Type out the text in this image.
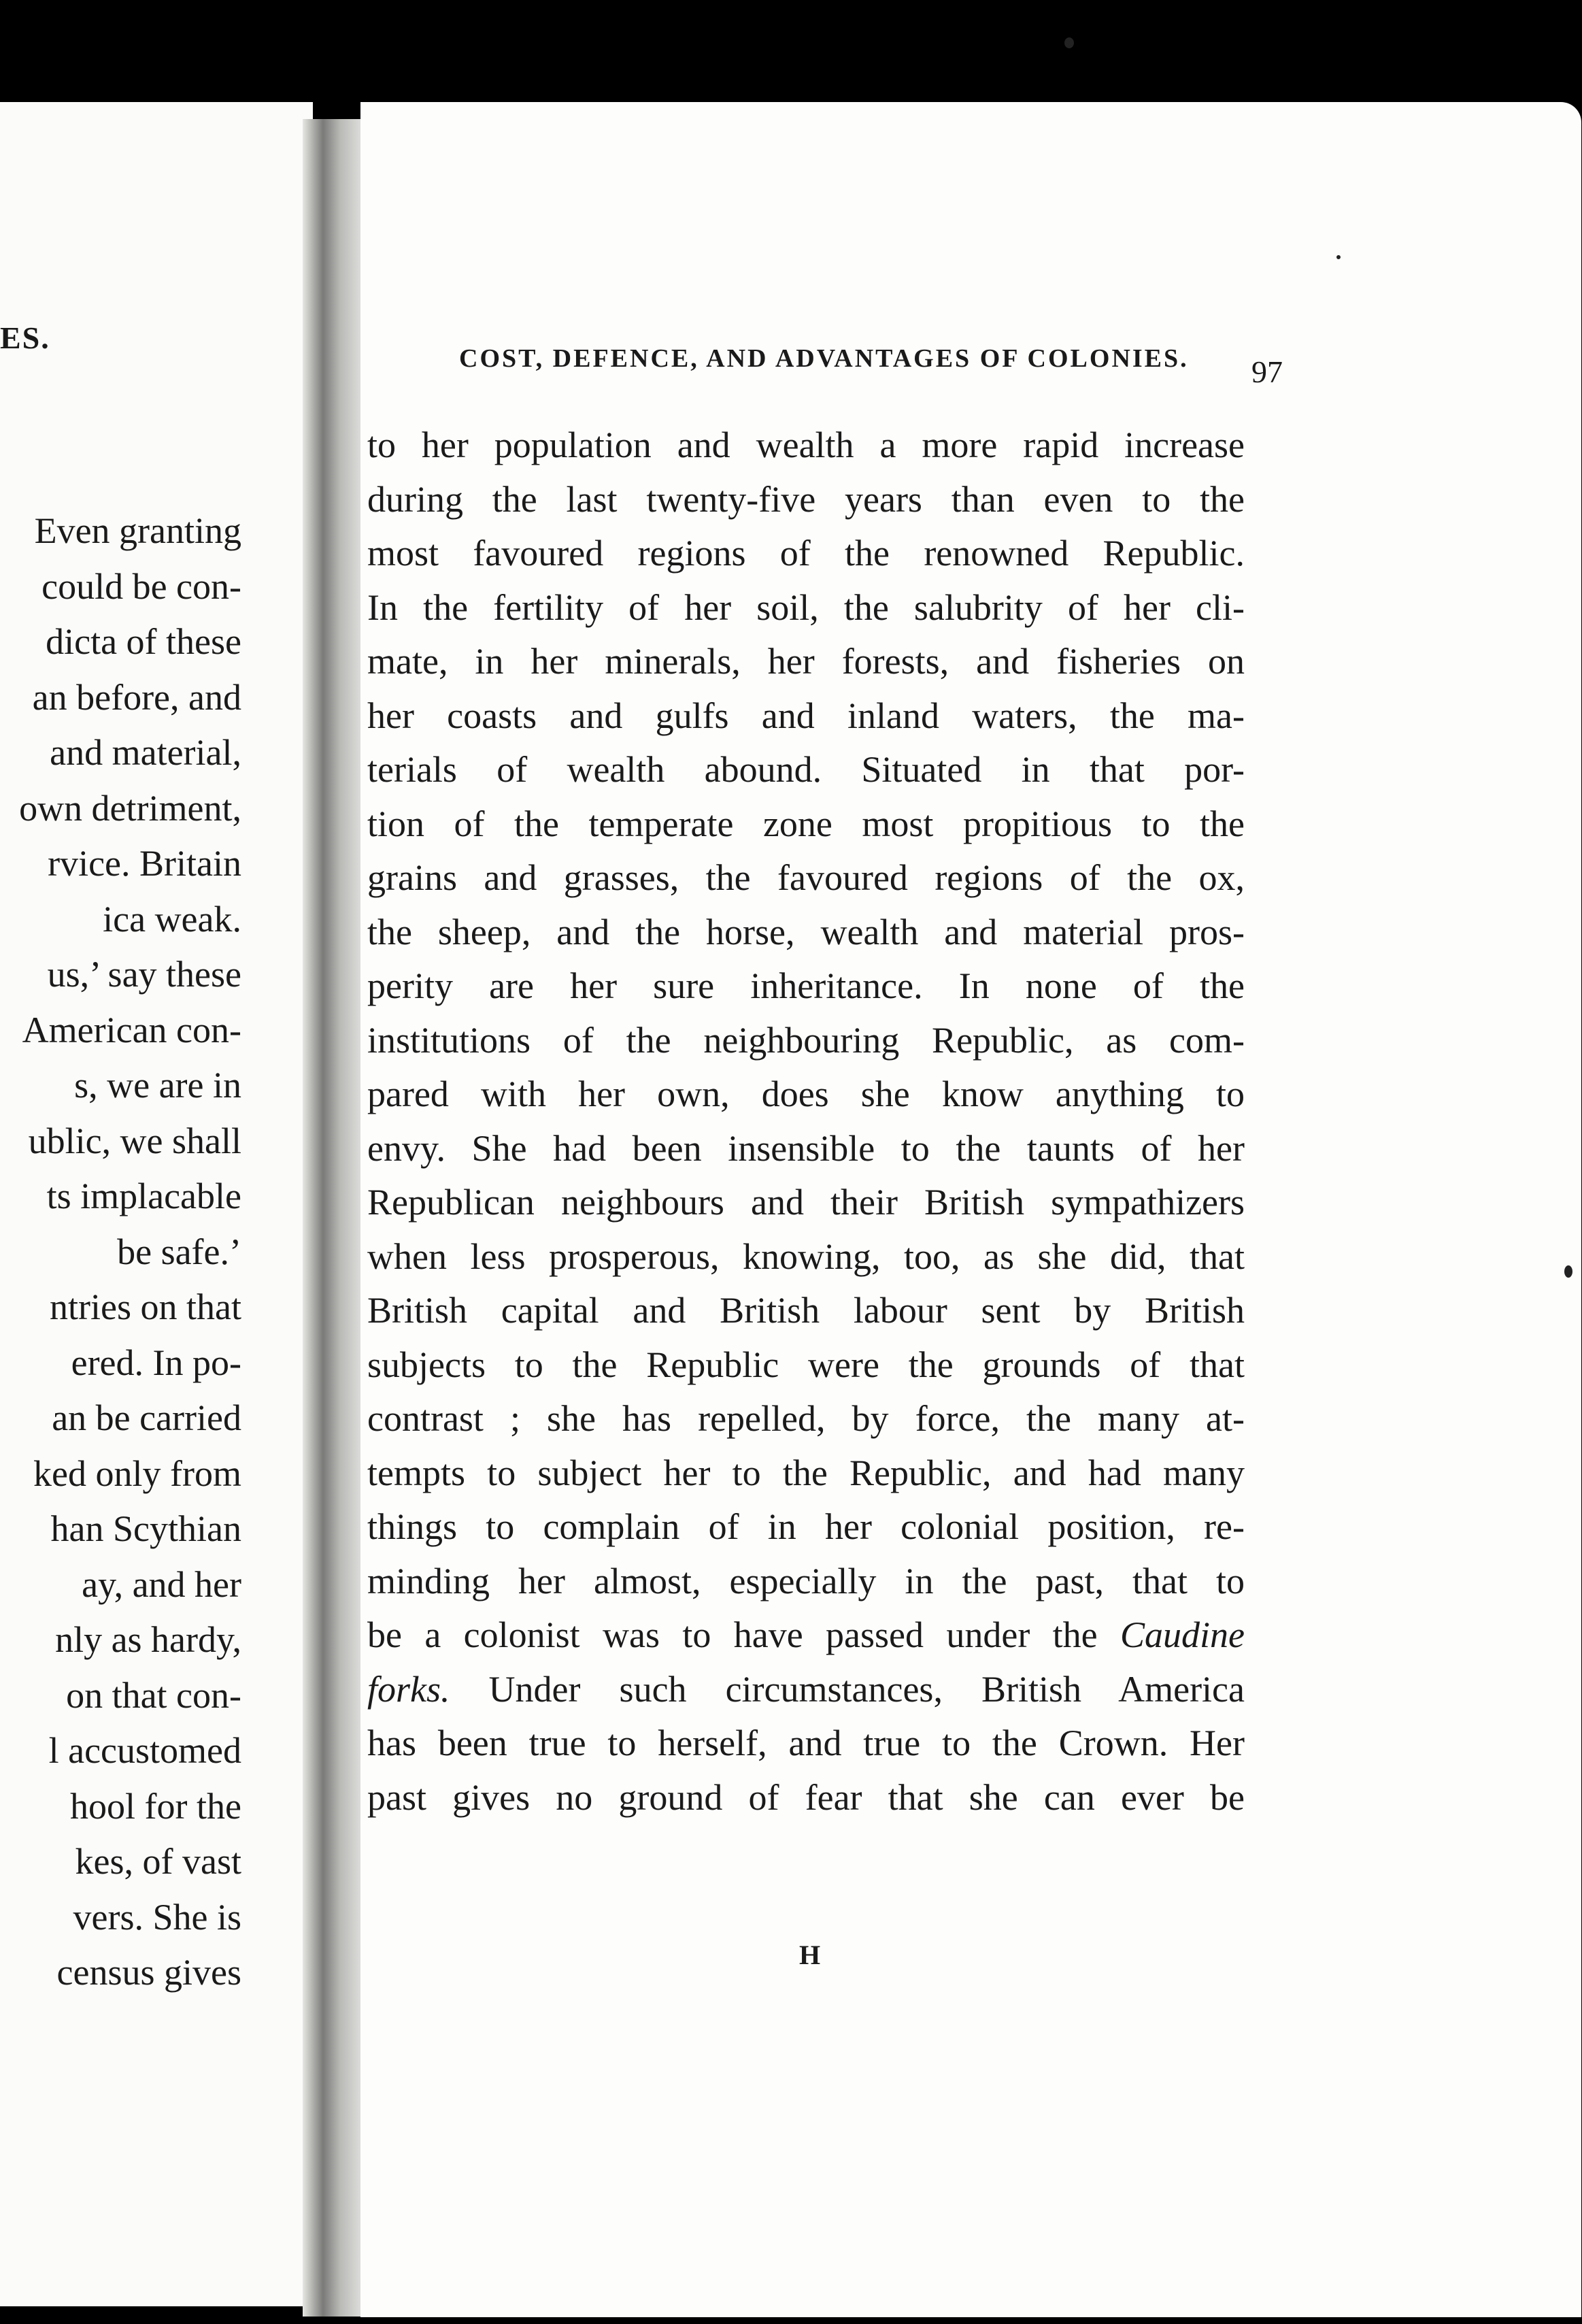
ES.
Even granting
could be con-
dicta of these
an before, and
and material,
own detriment,
rvice. Britain
ica weak.
us,’ say these
American con-
s, we are in
ublic, we shall
ts implacable
be safe.’
ntries on that
ered. In po-
an be carried
ked only from
han Scythian
ay, and her
nly as hardy,
on that con-
l accustomed
hool for the
kes, of vast
vers. She is
census gives
COST, DEFENCE, AND ADVANTAGES OF COLONIES.	97
to her population and wealth a more rapid increase
during the last twenty-five years than even to the
most favoured regions of the renowned Republic.
In the fertility of her soil, the salubrity of her cli-
mate, in her minerals, her forests, and fisheries on
her coasts and gulfs and inland waters, the ma-
terials of wealth abound. Situated in that por-
tion of the temperate zone most propitious to the
grains and grasses, the favoured regions of the ox,
the sheep, and the horse, wealth and material pros-
perity are her sure inheritance. In none of the
institutions of the neighbouring Republic, as com-
pared with her own, does she know anything to
envy. She had been insensible to the taunts of her
Republican neighbours and their British sympathizers
when less prosperous, knowing, too, as she did, that
British capital and British labour sent by British
subjects to the Republic were the grounds of that
contrast ; she has repelled, by force, the many at-
tempts to subject her to the Republic, and had many
things to complain of in her colonial position, re-
minding her almost, especially in the past, that to
be a colonist was to have passed under the Caudine
forks. Under such circumstances, British America
has been true to herself, and true to the Crown. Her
past gives no ground of fear that she can ever be
H
